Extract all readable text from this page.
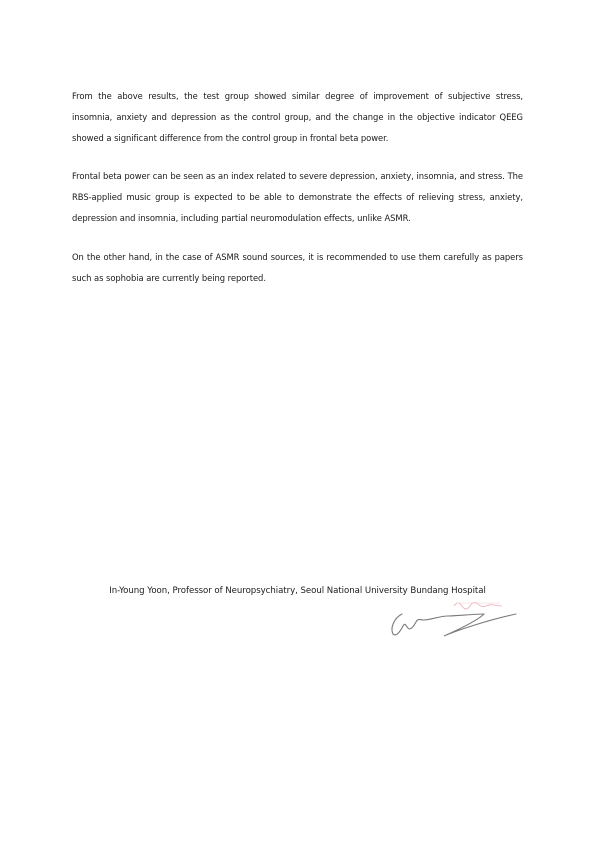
From the above results, the test group showed similar degree of improvement of subjective stress, insomnia, anxiety and depression as the control group, and the change in the objective indicator QEEG showed a significant difference from the control group in frontal beta power.

Frontal beta power can be seen as an index related to severe depression, anxiety, insomnia, and stress. The RBS-applied music group is expected to be able to demonstrate the effects of relieving stress, anxiety, depression and insomnia, including partial neuromodulation effects, unlike ASMR.

On the other hand, in the case of ASMR sound sources, it is recommended to use them carefully as papers such as sophobia are currently being reported.

In-Young Yoon, Professor of Neuropsychiatry, Seoul National University Bundang Hospital
